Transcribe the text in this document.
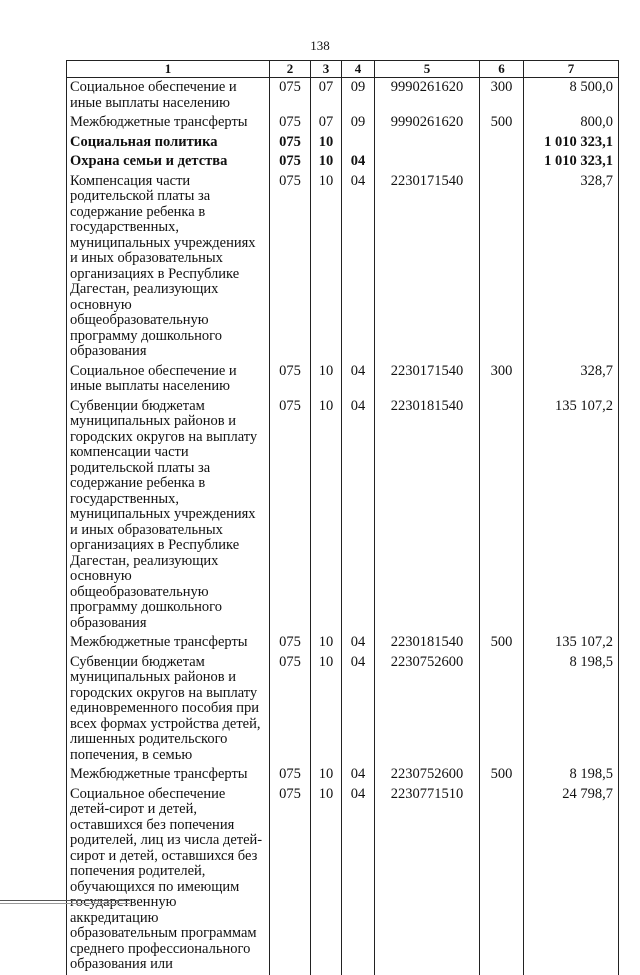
138
1	2	3	4	5	6	7
Социальное обеспечение и иные выплаты населению	075	07	09	9990261620	300	8 500,0
Межбюджетные трансферты	075	07	09	9990261620	500	800,0
Социальная политика	075	10				1 010 323,1
Охрана семьи и детства	075	10	04			1 010 323,1
Компенсация части родительской платы за содержание ребенка в государственных, муниципальных учреждениях и иных образовательных организациях в Республике Дагестан, реализующих основную общеобразовательную программу дошкольного образования	075	10	04	2230171540		328,7
Социальное обеспечение и иные выплаты населению	075	10	04	2230171540	300	328,7
Субвенции бюджетам муниципальных районов и городских округов на выплату компенсации части родительской платы за содержание ребенка в государственных, муниципальных учреждениях и иных образовательных организациях в Республике Дагестан, реализующих основную общеобразовательную программу дошкольного образования	075	10	04	2230181540		135 107,2
Межбюджетные трансферты	075	10	04	2230181540	500	135 107,2
Субвенции бюджетам муниципальных районов и городских округов на выплату единовременного пособия при всех формах устройства детей, лишенных родительского попечения, в семью	075	10	04	2230752600		8 198,5
Межбюджетные трансферты	075	10	04	2230752600	500	8 198,5
Социальное обеспечение детей-сирот и детей, оставшихся без попечения родителей, лиц из числа детей-сирот и детей, оставшихся без попечения родителей, обучающихся по имеющим государственную аккредитацию образовательным программам среднего профессионального образования или	075	10	04	2230771510		24 798,7
